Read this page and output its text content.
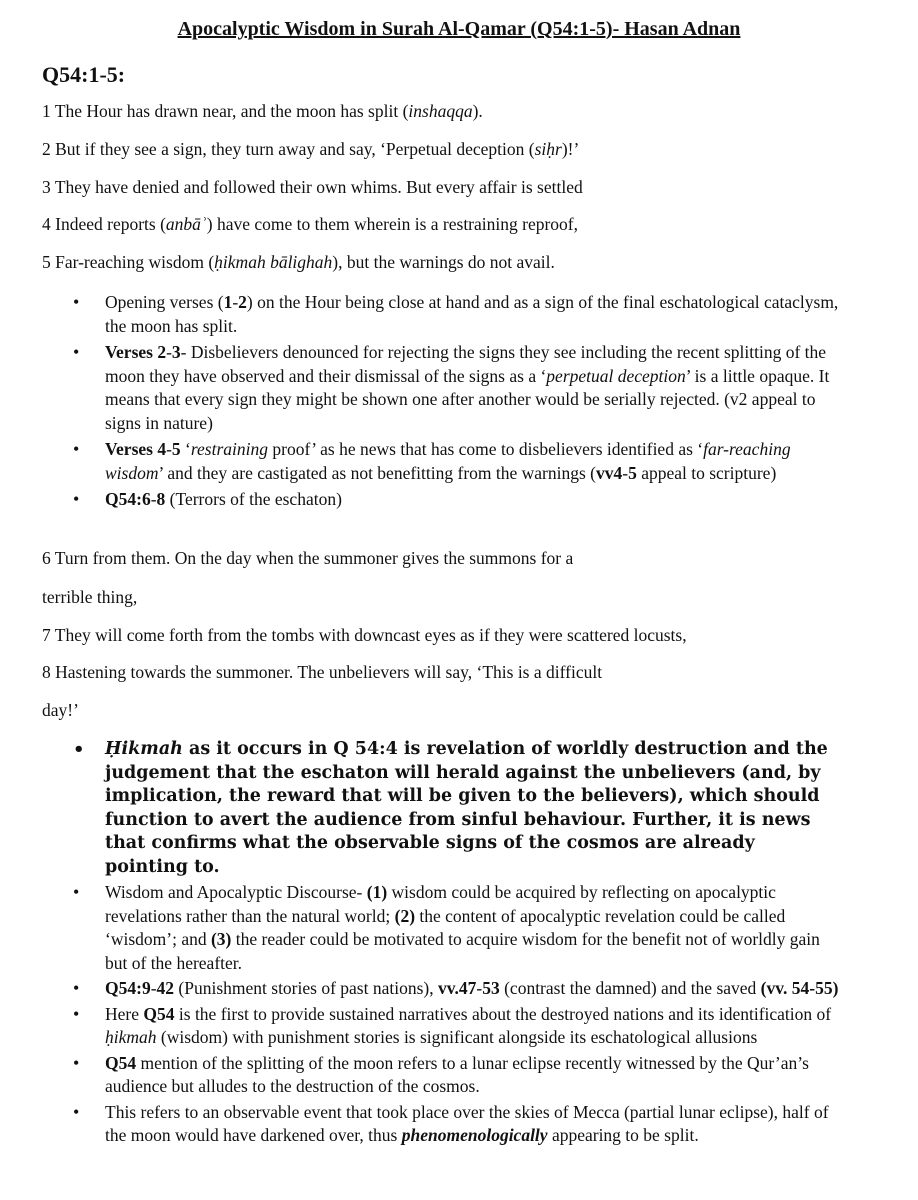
Apocalyptic Wisdom in Surah Al-Qamar (Q54:1-5)- Hasan Adnan
Q54:1-5:
1 The Hour has drawn near, and the moon has split (inshaqqa).
2 But if they see a sign, they turn away and say, ‘Perpetual deception (siḥr)!’
3 They have denied and followed their own whims. But every affair is settled
4 Indeed reports (anbāʾ) have come to them wherein is a restraining reproof,
5 Far-reaching wisdom (ḥikmah bālighah), but the warnings do not avail.
• Opening verses (1-2) on the Hour being close at hand and as a sign of the final eschatological cataclysm, the moon has split.
• Verses 2-3- Disbelievers denounced for rejecting the signs they see including the recent splitting of the moon they have observed and their dismissal of the signs as a ‘perpetual deception’ is a little opaque. It means that every sign they might be shown one after another would be serially rejected. (v2 appeal to signs in nature)
• Verses 4-5 ‘restraining proof’ as he news that has come to disbelievers identified as ‘far-reaching wisdom’ and they are castigated as not benefitting from the warnings (vv4-5 appeal to scripture)
• Q54:6-8 (Terrors of the eschaton)
6 Turn from them. On the day when the summoner gives the summons for a
terrible thing,
7 They will come forth from the tombs with downcast eyes as if they were scattered locusts,
8 Hastening towards the summoner. The unbelievers will say, ‘This is a difficult
day!’
• Ḥikmah as it occurs in Q 54:4 is revelation of worldly destruction and the judgement that the eschaton will herald against the unbelievers (and, by implication, the reward that will be given to the believers), which should function to avert the audience from sinful behaviour. Further, it is news that confirms what the observable signs of the cosmos are already pointing to.
• Wisdom and Apocalyptic Discourse- (1) wisdom could be acquired by reflecting on apocalyptic revelations rather than the natural world; (2) the content of apocalyptic revelation could be called ‘wisdom’; and (3) the reader could be motivated to acquire wisdom for the benefit not of worldly gain but of the hereafter.
• Q54:9-42 (Punishment stories of past nations), vv.47-53 (contrast the damned) and the saved (vv. 54-55)
• Here Q54 is the first to provide sustained narratives about the destroyed nations and its identification of ḥikmah (wisdom) with punishment stories is significant alongside its eschatological allusions
• Q54 mention of the splitting of the moon refers to a lunar eclipse recently witnessed by the Qur’an’s audience but alludes to the destruction of the cosmos.
• This refers to an observable event that took place over the skies of Mecca (partial lunar eclipse), half of the moon would have darkened over, thus phenomenologically appearing to be split.
